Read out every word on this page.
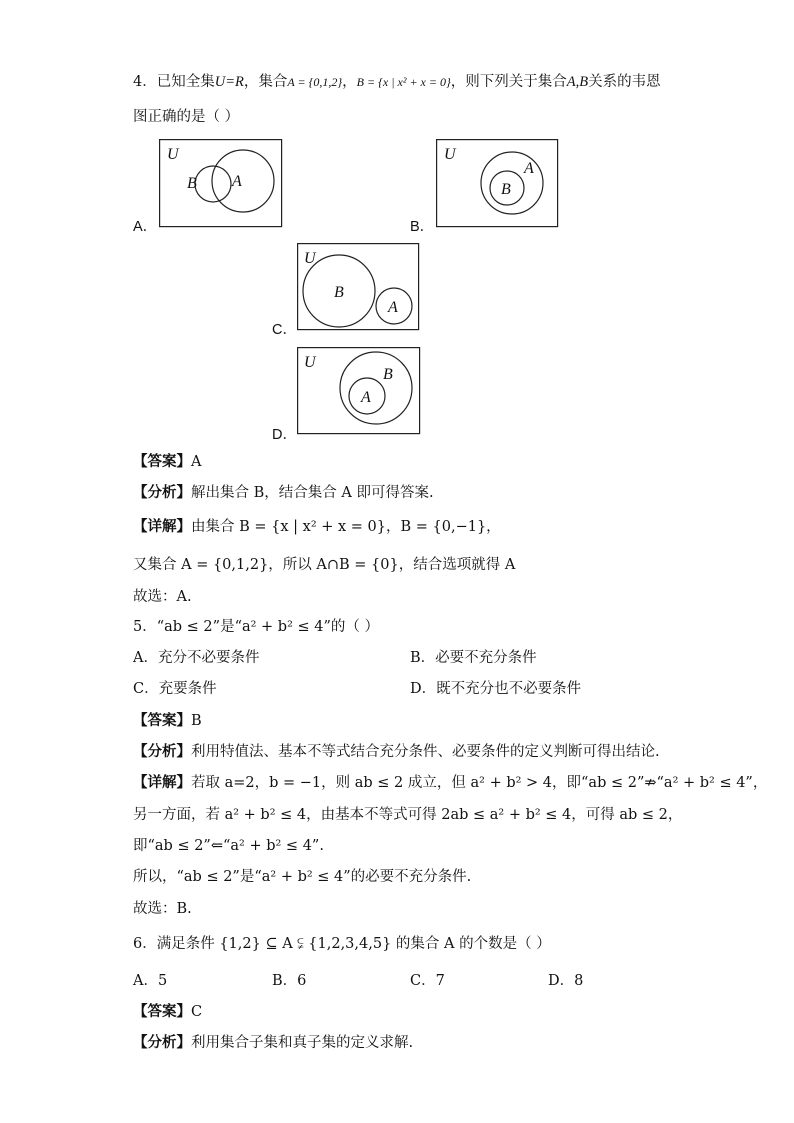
4．已知全集U=R，集合A = {0,1,2}，B = {x | x² + x = 0}，则下列关于集合A,B关系的韦恩
图正确的是（ ）
A．
U
B A
B．
U
A
B
C．
U
B
A
D．
U
B
A
【答案】A
【分析】解出集合 B，结合集合 A 即可得答案.
【详解】由集合 B = {x | x² + x = 0}，B = {0,−1}，
又集合 A = {0,1,2}，所以 A∩B = {0}，结合选项就得 A
故选：A.
5．“ab ≤ 2”是“a² + b² ≤ 4”的（ ）
A．充分不必要条件	B．必要不充分条件
C．充要条件	D．既不充分也不必要条件
【答案】B
【分析】利用特值法、基本不等式结合充分条件、必要条件的定义判断可得出结论.
【详解】若取 a=2，b = −1，则 ab ≤ 2 成立，但 a² + b² > 4，即“ab ≤ 2”⇏“a² + b² ≤ 4”，
另一方面，若 a² + b² ≤ 4，由基本不等式可得 2ab ≤ a² + b² ≤ 4，可得 ab ≤ 2，
即“ab ≤ 2”⇐“a² + b² ≤ 4”.
所以，“ab ≤ 2”是“a² + b² ≤ 4”的必要不充分条件.
故选：B.
6．满足条件 {1,2} ⊆ A ⫋ {1,2,3,4,5} 的集合 A 的个数是（ ）
A．5	B．6	C．7	D．8
【答案】C
【分析】利用集合子集和真子集的定义求解.
